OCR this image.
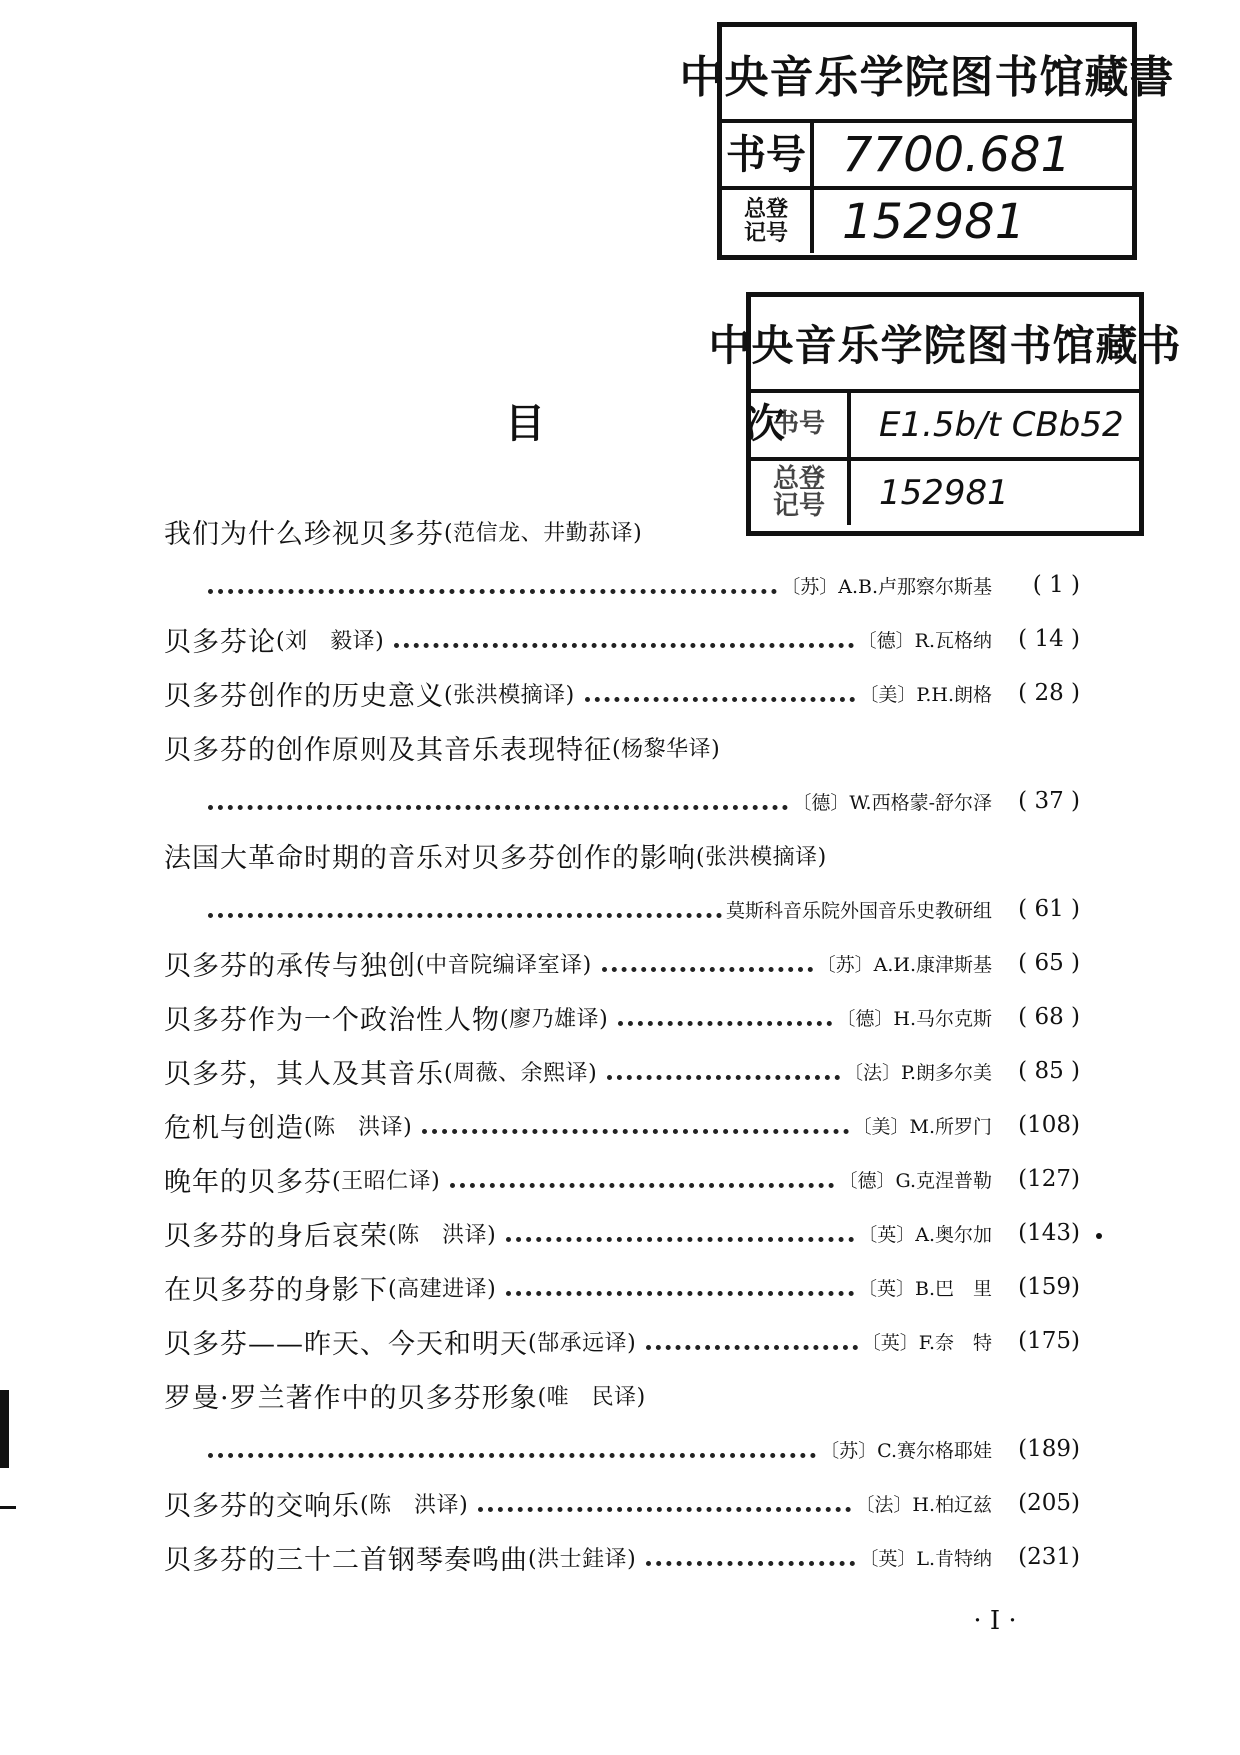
中央音乐学院图书馆藏書
书号 7700.681
总登
记号	152981
中央音乐学院图书馆藏书
书号	E1.5b/t CBb52
总登
记号	152981
目	次
我们为什么珍视贝多芬 (范信龙、井勤荪译)
〔苏〕A.B.卢那察尔斯基	( 1 )
贝多芬论 (刘　毅译)	〔德〕R.瓦格纳	( 14 )
贝多芬创作的历史意义 (张洪模摘译)	〔美〕P.H.朗格	( 28 )
贝多芬的创作原则及其音乐表现特征 (杨黎华译)
〔德〕W.西格蒙-舒尔泽	( 37 )
法国大革命时期的音乐对贝多芬创作的影响 (张洪模摘译)
莫斯科音乐院外国音乐史教研组	( 61 )
贝多芬的承传与独创 (中音院编译室译)	〔苏〕A.И.康津斯基	( 65 )
贝多芬作为一个政治性人物 (廖乃雄译)	〔德〕H.马尔克斯	( 68 )
贝多芬，其人及其音乐 (周薇、余熙译)	〔法〕P.朗多尔美	( 85 )
危机与创造 (陈　洪译)	〔美〕M.所罗门	(108)
晚年的贝多芬 (王昭仁译)	〔德〕G.克涅普勒	(127)
贝多芬的身后哀荣 (陈　洪译)	〔英〕A.奥尔加	(143)
在贝多芬的身影下 (高建进译)	〔英〕B.巴　里	(159)
贝多芬——昨天、今天和明天 (郜承远译)	〔英〕F.奈　特	(175)
罗曼·罗兰著作中的贝多芬形象 (唯　民译)
〔苏〕C.赛尔格耶娃	(189)
贝多芬的交响乐 (陈　洪译)	〔法〕H.柏辽兹	(205)
贝多芬的三十二首钢琴奏鸣曲 (洪士銈译)	〔英〕L.肯特纳	(231)
· I ·
